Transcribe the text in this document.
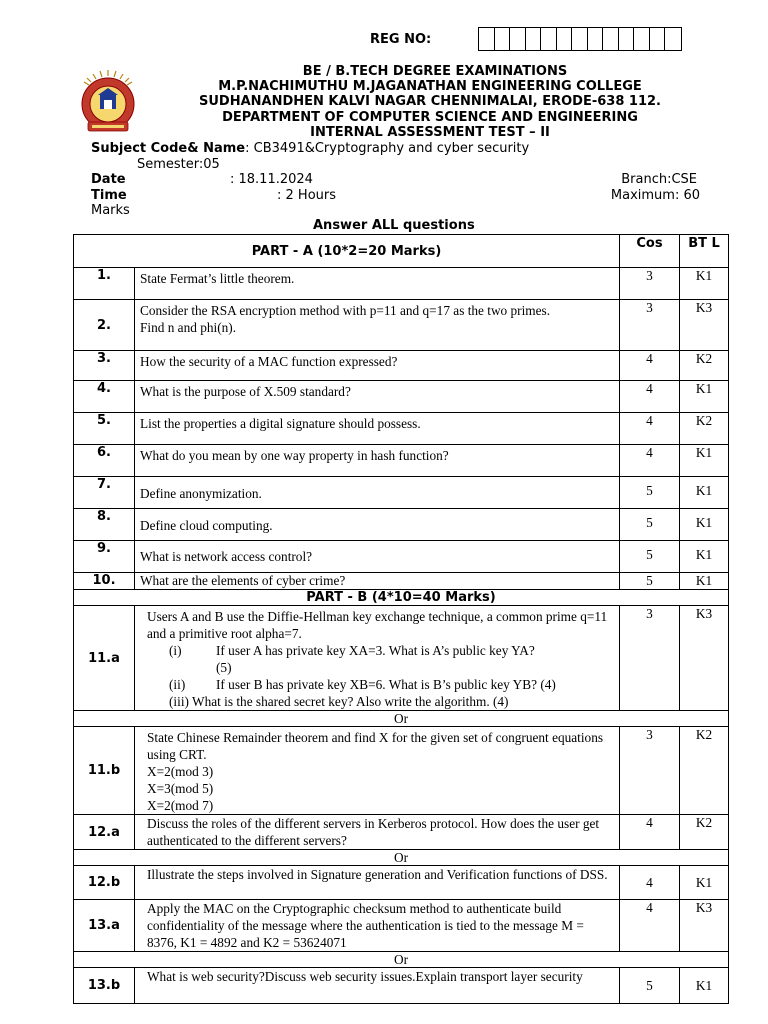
REG NO:
BE / B.TECH DEGREE EXAMINATIONS
M.P.NACHIMUTHU M.JAGANATHAN ENGINEERING COLLEGE
SUDHANANDHEN KALVI NAGAR CHENNIMALAI, ERODE-638 112.
DEPARTMENT OF COMPUTER SCIENCE AND ENGINEERING
INTERNAL ASSESSMENT TEST – II
Subject Code& Name: CB3491&Cryptography and cyber security
Semester:05
Date	: 18.11.2024	Branch:CSE
Time	: 2 Hours	Maximum: 60
Marks
Answer ALL questions
PART - A (10*2=20 Marks)		Cos	BT L
1.	State Fermat’s little theorem.	3	K1
2.	Consider the RSA encryption method with p=11 and q=17 as the two primes.
Find n and phi(n).	3	K3
3.	How the security of a MAC function expressed?	4	K2
4.	What is the purpose of X.509 standard?	4	K1
5.	List the properties a digital signature should possess.	4	K2
6.	What do you mean by one way property in hash function?	4	K1
7.	Define anonymization.	5	K1
8.	Define cloud computing.	5	K1
9.	What is network access control?	5	K1
10.	What are the elements of cyber crime?	5	K1
PART - B (4*10=40 Marks)			
11.a	Users A and B use the Diffie-Hellman key exchange technique, a common prime q=11 and a primitive root alpha=7.
(i) If user A has private key XA=3. What is A’s public key YA?
(5)
(ii) If user B has private key XB=6. What is B’s public key YB? (4)
(iii) What is the shared secret key? Also write the algorithm. (4)	3	K3
Or			
11.b	State Chinese Remainder theorem and find X for the given set of congruent equations using CRT.
X=2(mod 3)
X=3(mod 5)
X=2(mod 7)	3	K2
12.a	Discuss the roles of the different servers in Kerberos protocol. How does the user get authenticated to the different servers?	4	K2
Or			
12.b	Illustrate the steps involved in Signature generation and Verification functions of DSS.	4	K1
13.a	Apply the MAC on the Cryptographic checksum method to authenticate build confidentiality of the message where the authentication is tied to the message M = 8376, K1 = 4892 and K2 = 53624071	4	K3
Or			
13.b	What is web security?Discuss web security issues.Explain transport layer security	5	K1
